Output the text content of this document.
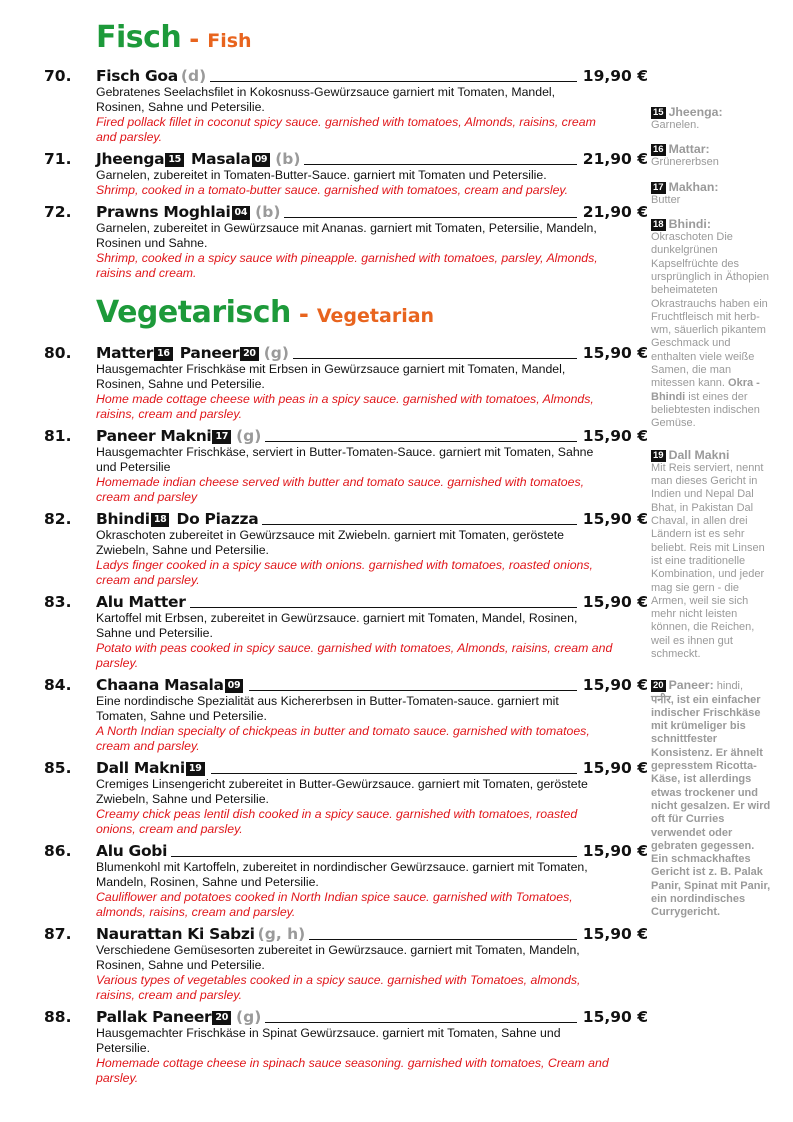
Fisch - Fish
70.	Fisch Goa (d)	19,90 €
Gebratenes Seelachsfilet in Kokosnuss-Gewürzsauce garniert mit Tomaten, Mandel, Rosinen, Sahne und Petersilie.
Fired pollack fillet in coconut spicy sauce. garnished with tomatoes, Almonds, raisins, cream and parsley.
71.	Jheenga 15 Masala 09 (b)	21,90 €
Garnelen, zubereitet in Tomaten-Butter-Sauce. garniert mit Tomaten und Petersilie.
Shrimp, cooked in a tomato-butter sauce. garnished with tomatoes, cream and parsley.
72.	Prawns Moghlai 04 (b)	21,90 €
Garnelen, zubereitet in Gewürzsauce mit Ananas. garniert mit Tomaten, Petersilie, Mandeln, Rosinen und Sahne.
Shrimp, cooked in a spicy sauce with pineapple. garnished with tomatoes, parsley, Almonds, raisins and cream.
Vegetarisch - Vegetarian
80.	Matter 16 Paneer 20 (g)	15,90 €
Hausgemachter Frischkäse mit Erbsen in Gewürzsauce garniert mit Tomaten, Mandel, Rosinen, Sahne und Petersilie.
Home made cottage cheese with peas in a spicy sauce. garnished with tomatoes, Almonds, raisins, cream and parsley.
81.	Paneer Makni 17 (g)	15,90 €
Hausgemachter Frischkäse, serviert in Butter-Tomaten-Sauce. garniert mit Tomaten, Sahne und Petersilie
Homemade indian cheese served with butter and tomato sauce. garnished with tomatoes, cream and parsley
82.	Bhindi 18 Do Piazza	15,90 €
Okraschoten zubereitet in Gewürzsauce mit Zwiebeln. garniert mit Tomaten, geröstete Zwiebeln, Sahne und Petersilie.
Ladys finger cooked in a spicy sauce with onions. garnished with tomatoes, roasted onions, cream and parsley.
83.	Alu Matter	15,90 €
Kartoffel mit Erbsen, zubereitet in Gewürzsauce. garniert mit Tomaten, Mandel, Rosinen, Sahne und Petersilie.
Potato with peas cooked in spicy sauce. garnished with tomatoes, Almonds, raisins, cream and parsley.
84.	Chaana Masala 09	15,90 €
Eine nordindische Spezialität aus Kichererbsen in Butter-Tomaten-sauce. garniert mit Tomaten, Sahne und Petersilie.
A North Indian specialty of chickpeas in butter and tomato sauce. garnished with tomatoes, cream and parsley.
85.	Dall Makni 19	15,90 €
Cremiges Linsengericht zubereitet in Butter-Gewürzsauce. garniert mit Tomaten, geröstete Zwiebeln, Sahne und Petersilie.
Creamy chick peas lentil dish cooked in a spicy sauce. garnished with tomatoes, roasted onions, cream and parsley.
86.	Alu Gobi	15,90 €
Blumenkohl mit Kartoffeln, zubereitet in nordindischer Gewürzsauce. garniert mit Tomaten, Mandeln, Rosinen, Sahne und Petersilie.
Cauliflower and potatoes cooked in North Indian spice sauce. garnished with Tomatoes, almonds, raisins, cream and parsley.
87.	Naurattan Ki Sabzi (g, h)	15,90 €
Verschiedene Gemüsesorten zubereitet in Gewürzsauce. garniert mit Tomaten, Mandeln, Rosinen, Sahne und Petersilie.
Various types of vegetables cooked in a spicy sauce. garnished with Tomatoes, almonds, raisins, cream and parsley.
88.	Pallak Paneer 20 (g)	15,90 €
Hausgemachter Frischkäse in Spinat Gewürzsauce. garniert mit Tomaten, Sahne und Petersilie.
Homemade cottage cheese in spinach sauce seasoning. garnished with tomatoes, Cream and parsley.
15 Jheenga:
Garnelen.
16 Mattar:
Grünererbsen
17 Makhan:
Butter
18 Bhindi:
Okraschoten Die dunkelgrünen Kapselfrüchte des ursprünglich in Äthopien beheimateten Okrastrauchs haben ein Fruchtfleisch mit herb-wm, säuerlich pikantem Geschmack und enthalten viele weiße Samen, die man mitessen kann. Okra - Bhindi ist eines der beliebtesten indischen Gemüse.
19 Dall Makni
Mit Reis serviert, nennt man dieses Gericht in Indien und Nepal Dal Bhat, in Pakistan Dal Chaval, in allen drei Ländern ist es sehr beliebt. Reis mit Linsen ist eine traditionelle Kombination, und jeder mag sie gern - die Armen, weil sie sich mehr nicht leisten können, die Reichen, weil es ihnen gut schmeckt.
20 Paneer: hindi,
पनीर, ist ein einfacher indischer Frischkäse mit krümeliger bis schnittfester Konsistenz. Er ähnelt gepresstem Ricotta-Käse, ist allerdings etwas trockener und nicht gesalzen. Er wird oft für Curries verwendet oder gebraten gegessen. Ein schmackhaftes Gericht ist z. B. Palak Panir, Spinat mit Panir, ein nordindisches Currygericht.
